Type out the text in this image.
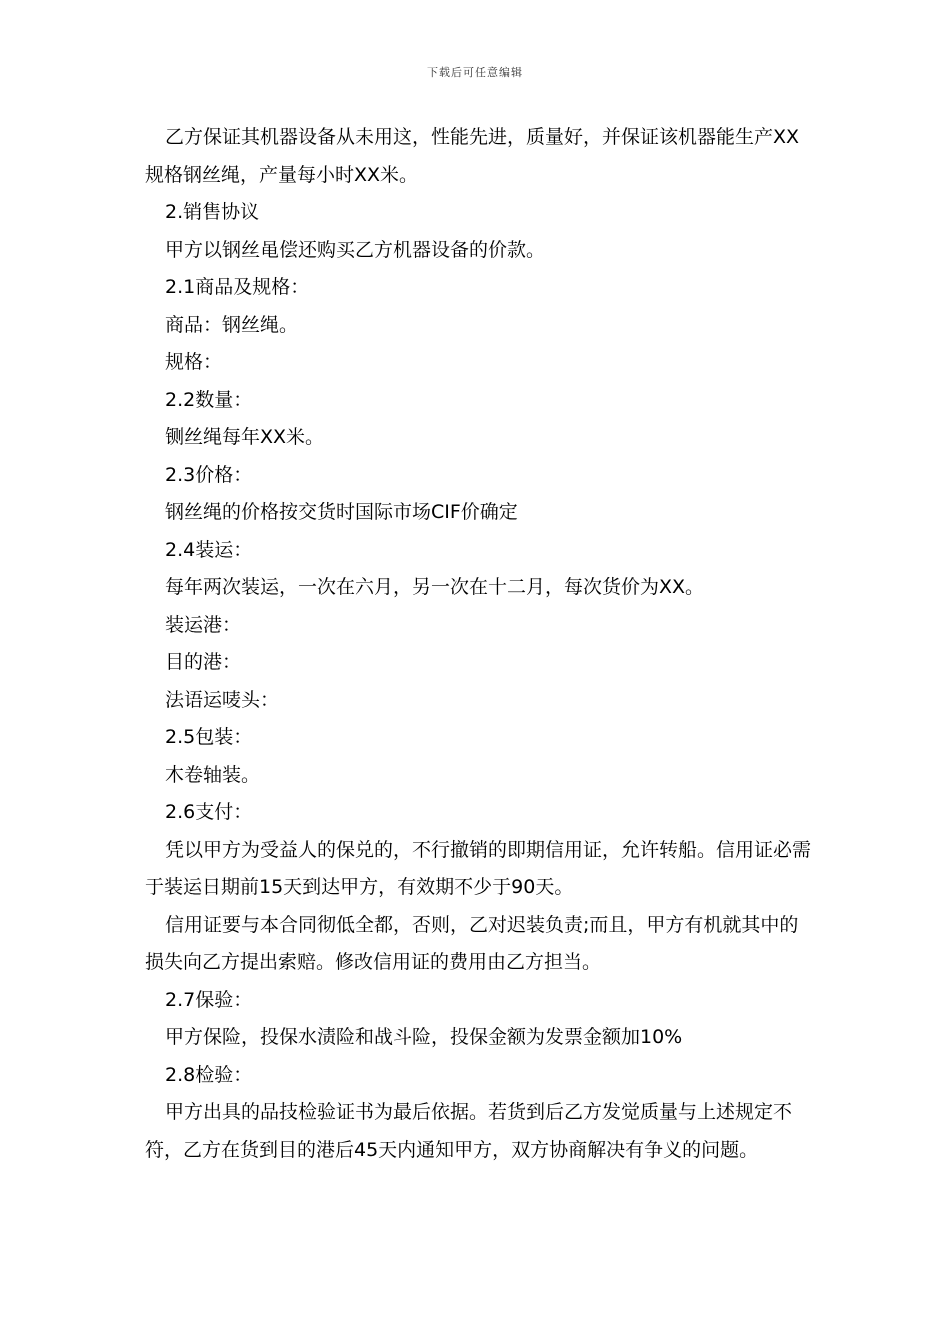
下载后可任意编辑

乙方保证其机器设备从未用这，性能先进，质量好，并保证该机器能生产XX规格钢丝绳，产量每小时XX米。

2.销售协议

甲方以钢丝黾偿还购买乙方机器设备的价款。

2.1商品及规格：

商品：钢丝绳。

规格：

2.2数量：

铡丝绳每年XX米。

2.3价格：

钢丝绳的价格按交货时国际市场CIF价确定

2.4装运：

每年两次装运，一次在六月，另一次在十二月，每次货价为XX。

装运港：

目的港：

法语运唛头：

2.5包装：

木卷轴装。

2.6支付：

凭以甲方为受益人的保兑的，不行撤销的即期信用证，允许转船。信用证必需于装运日期前15天到达甲方，有效期不少于90天。

信用证要与本合同彻低全都，否则，乙对迟装负责;而且，甲方有机就其中的损失向乙方提出索赔。修改信用证的费用由乙方担当。

2.7保验：

甲方保险，投保水渍险和战斗险，投保金额为发票金额加10%

2.8检验：

甲方出具的品技检验证书为最后依据。若货到后乙方发觉质量与上述规定不符，乙方在货到目的港后45天内通知甲方，双方协商解决有争义的问题。
